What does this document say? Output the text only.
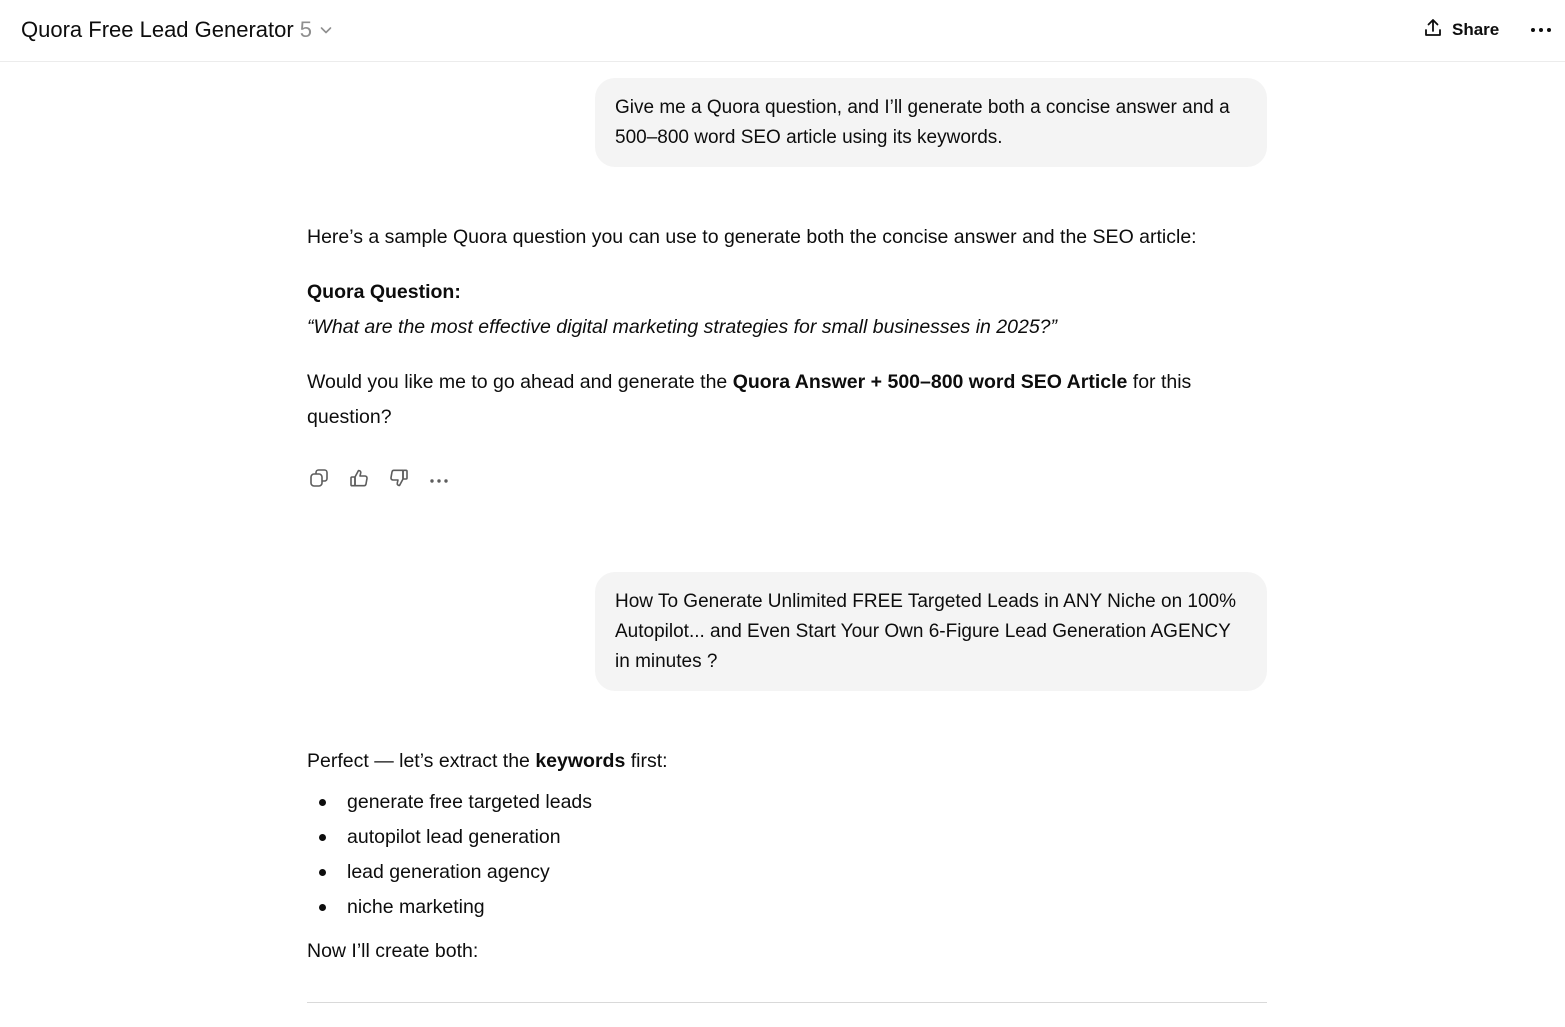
Quora Free Lead Generator 5	Share
Give me a Quora question, and I’ll generate both a concise answer and a 500–800 word SEO article using its keywords.

Here’s a sample Quora question you can use to generate both the concise answer and the SEO article:

Quora Question:

“What are the most effective digital marketing strategies for small businesses in 2025?”

Would you like me to go ahead and generate the Quora Answer + 500–800 word SEO Article for this question?

How To Generate Unlimited FREE Targeted Leads in ANY Niche on 100% Autopilot... and Even Start Your Own 6-Figure Lead Generation AGENCY in minutes ?

Perfect — let’s extract the keywords first:

generate free targeted leads
autopilot lead generation
lead generation agency
niche marketing

Now I’ll create both:
